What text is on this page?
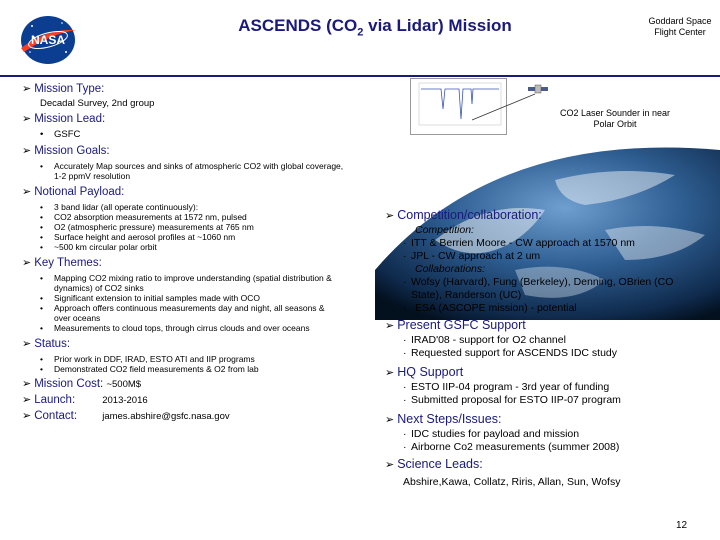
NASA
ASCENDS ($CO_2$ via Lidar) Mission	Goddard Space Flight Center
➢ Mission Type:
Decadal Survey, 2nd group
➢ Mission Lead:
•	GSFC
➢ Mission Goals:
•	Accurately Map sources and sinks of atmospheric CO2 with global coverage, 1-2 ppmV resolution
➢ Notional Payload:
•	3 band lidar (all operate continuously):
•	CO2 absorption measurements at 1572 nm, pulsed
•	O2 (atmospheric pressure) measurements at 765 nm
•	Surface height and aerosol profiles at ~1060 nm
•	~500 km circular polar orbit
➢ Key Themes:
•	Mapping CO2 mixing ratio to improve understanding (spatial distribution & dynamics) of CO2 sinks
•	Significant extension to initial samples made with OCO
•	Approach offers continuous measurements day and night, all seasons & over oceans
•	Measurements to cloud tops, through cirrus clouds and over oceans
➢ Status:
•	Prior work in DDF, IRAD, ESTO ATI and IIP programs
•	Demonstrated CO2 field measurements & O2 from lab
➢ Mission Cost: ~500M$
➢ Launch:	2013-2016
➢ Contact:	james.abshire@gsfc.nasa.gov
CO2 Laser Sounder in near Polar Orbit
➢ Competition/collaboration:
Competition:
· ITT & Berrien Moore - CW approach at 1570 nm
· JPL - CW approach at 2 um
Collaborations:
· Wofsy (Harvard), Fung (Berkeley), Denning, OBrien (CO State), Randerson (UC)
· ESA (ASCOPE mission) - potential
➢ Present GSFC Support
· IRAD'08 - support for O2 channel
· Requested support for ASCENDS IDC study
➢ HQ Support
· ESTO IIP-04 program - 3rd year of funding
· Submitted proposal for ESTO IIP-07 program
➢ Next Steps/Issues:
· IDC studies for payload and mission
· Airborne Co2 measurements (summer 2008)
➢ Science Leads:
Abshire,Kawa, Collatz, Riris, Allan, Sun, Wofsy
12
